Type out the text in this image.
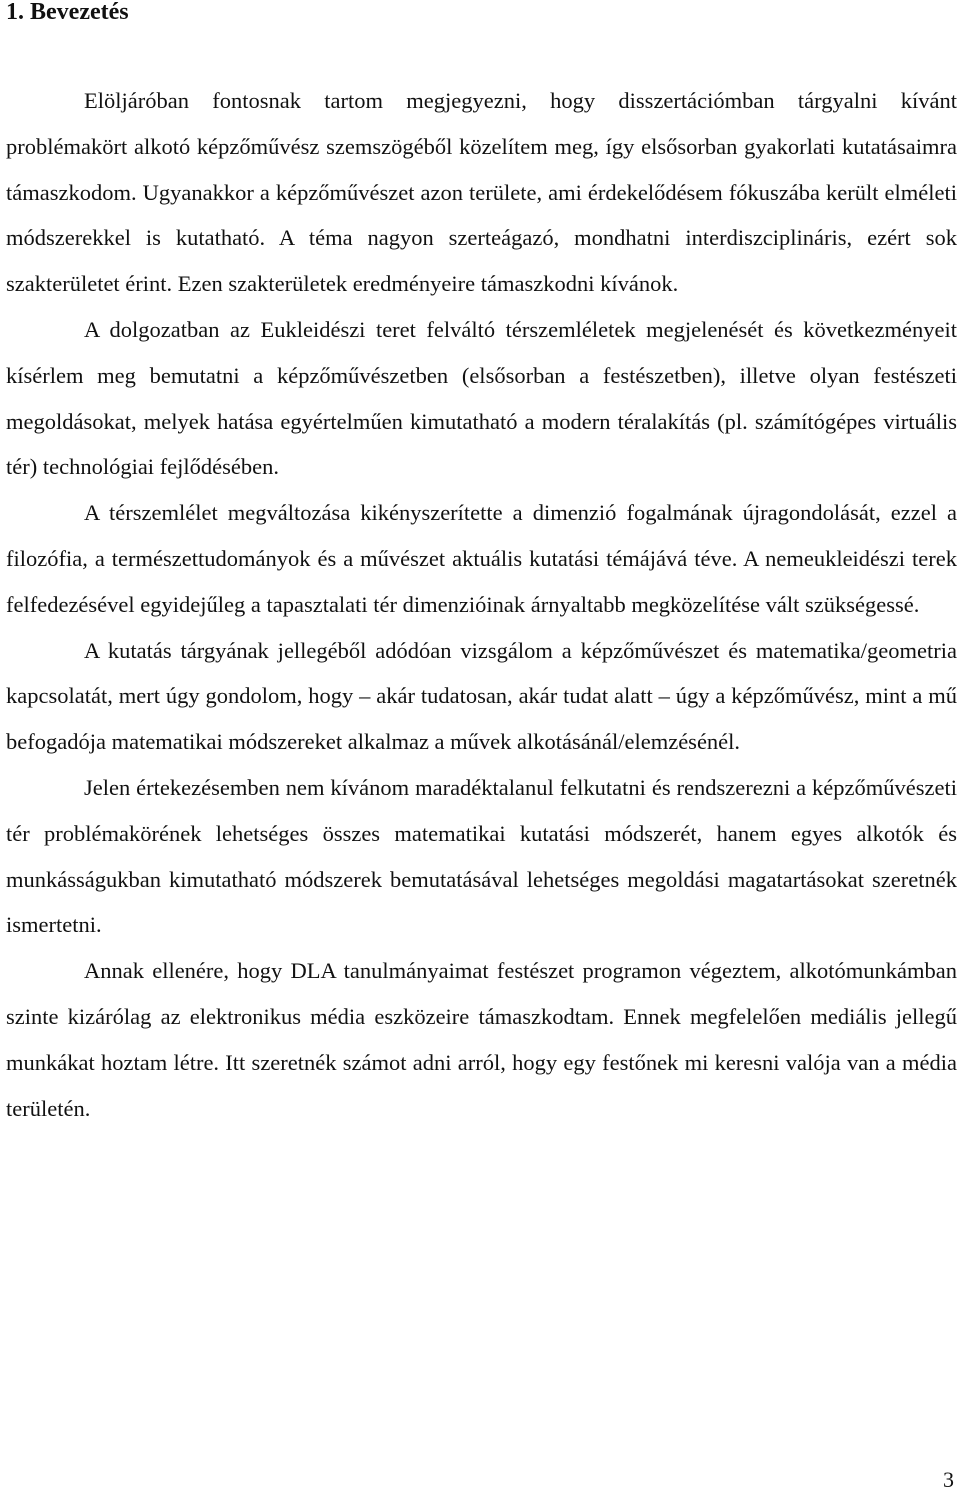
1. Bevezetés

Elöljáróban fontosnak tartom megjegyezni, hogy disszertációmban tárgyalni kívánt problémakört alkotó képzőművész szemszögéből közelítem meg, így elsősorban gyakorlati kutatásaimra támaszkodom. Ugyanakkor a képzőművészet azon területe, ami érdekelődésem fókuszába került elméleti módszerekkel is kutatható. A téma nagyon szerteágazó, mondhatni interdiszciplináris, ezért sok szakterületet érint. Ezen szakterületek eredményeire támaszkodni kívánok.

A dolgozatban az Eukleidészi teret felváltó térszemléletek megjelenését és következményeit kísérlem meg bemutatni a képzőművészetben (elsősorban a festészetben), illetve olyan festészeti megoldásokat, melyek hatása egyértelműen kimutatható a modern téralakítás (pl. számítógépes virtuális tér) technológiai fejlődésében.

A térszemlélet megváltozása kikényszerítette a dimenzió fogalmának újragondolását, ezzel a filozófia, a természettudományok és a művészet aktuális kutatási témájává téve. A nemeukleidészi terek felfedezésével egyidejűleg a tapasztalati tér dimenzióinak árnyaltabb megközelítése vált szükségessé.

A kutatás tárgyának jellegéből adódóan vizsgálom a képzőművészet és matematika/geometria kapcsolatát, mert úgy gondolom, hogy – akár tudatosan, akár tudat alatt – úgy a képzőművész, mint a mű befogadója matematikai módszereket alkalmaz a művek alkotásánál/elemzésénél.

Jelen értekezésemben nem kívánom maradéktalanul felkutatni és rendszerezni a képzőművészeti tér problémakörének lehetséges összes matematikai kutatási módszerét, hanem egyes alkotók és munkásságukban kimutatható módszerek bemutatásával lehetséges megoldási magatartásokat szeretnék ismertetni.

Annak ellenére, hogy DLA tanulmányaimat festészet programon végeztem, alkotómunkámban szinte kizárólag az elektronikus média eszközeire támaszkodtam. Ennek megfelelően mediális jellegű munkákat hoztam létre. Itt szeretnék számot adni arról, hogy egy festőnek mi keresni valója van a média területén.

3
